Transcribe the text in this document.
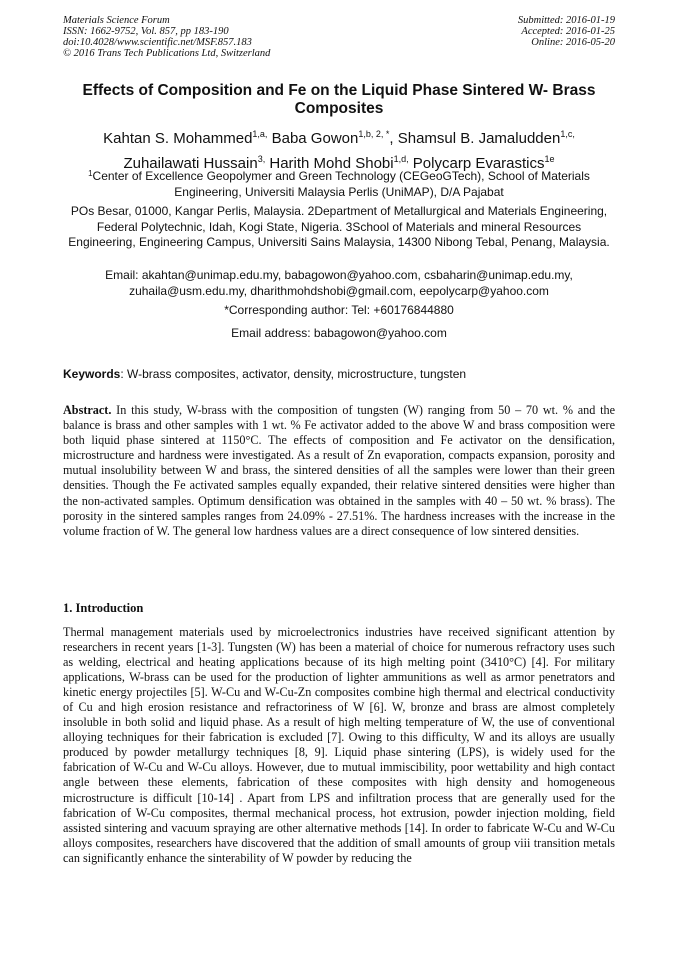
Materials Science Forum
ISSN: 1662-9752, Vol. 857, pp 183-190
doi:10.4028/www.scientific.net/MSF.857.183
© 2016 Trans Tech Publications Ltd, Switzerland
Submitted: 2016-01-19
Accepted: 2016-01-25
Online: 2016-05-20
Effects of Composition and Fe on the Liquid Phase Sintered W- Brass Composites
Kahtan S. Mohammed$^{1,a,}$ Baba Gowon$^{1,b, 2, *}$, Shamsul B. Jamaludden$^{1,c,}$
Zuhailawati Hussain$^{3,}$ Harith Mohd Shobi$^{1,d,}$ Polycarp Evarastics$^{1e}$
$^1$Center of Excellence Geopolymer and Green Technology (CEGeoGTech), School of Materials Engineering, Universiti Malaysia Perlis (UniMAP), D/A Pajabat
POs Besar, 01000, Kangar Perlis, Malaysia. 2Department of Metallurgical and Materials Engineering, Federal Polytechnic, Idah, Kogi State, Nigeria. 3School of Materials and mineral Resources Engineering, Engineering Campus, Universiti Sains Malaysia, 14300 Nibong Tebal, Penang, Malaysia.
Email: akahtan@unimap.edu.my, babagowon@yahoo.com, csbaharin@unimap.edu.my, zuhaila@usm.edu.my, dharithmohdshobi@gmail.com, eepolycarp@yahoo.com
*Corresponding author: Tel: +60176844880
Email address: babagowon@yahoo.com
Keywords: W-brass composites, activator, density, microstructure, tungsten
Abstract. In this study, W-brass with the composition of tungsten (W) ranging from 50 – 70 wt. % and the balance is brass and other samples with 1 wt. % Fe activator added to the above W and brass composition were both liquid phase sintered at 1150°C. The effects of composition and Fe activator on the densification, microstructure and hardness were investigated. As a result of Zn evaporation, compacts expansion, porosity and mutual insolubility between W and brass, the sintered densities of all the samples were lower than their green densities. Though the Fe activated samples equally expanded, their relative sintered densities were higher than the non-activated samples. Optimum densification was obtained in the samples with 40 – 50 wt. % brass). The porosity in the sintered samples ranges from 24.09% - 27.51%. The hardness increases with the increase in the volume fraction of W. The general low hardness values are a direct consequence of low sintered densities.
1. Introduction
Thermal management materials used by microelectronics industries have received significant attention by researchers in recent years [1-3]. Tungsten (W) has been a material of choice for numerous refractory uses such as welding, electrical and heating applications because of its high melting point (3410°C) [4]. For military applications, W-brass can be used for the production of lighter ammunitions as well as armor penetrators and kinetic energy projectiles [5]. W-Cu and W-Cu-Zn composites combine high thermal and electrical conductivity of Cu and high erosion resistance and refractoriness of W [6]. W, bronze and brass are almost completely insoluble in both solid and liquid phase. As a result of high melting temperature of W, the use of conventional alloying techniques for their fabrication is excluded [7]. Owing to this difficulty, W and its alloys are usually produced by powder metallurgy techniques [8, 9]. Liquid phase sintering (LPS), is widely used for the fabrication of W-Cu and W-Cu alloys. However, due to mutual immiscibility, poor wettability and high contact angle between these elements, fabrication of these composites with high density and homogeneous microstructure is difficult [10-14] . Apart from LPS and infiltration process that are generally used for the fabrication of W-Cu composites, thermal mechanical process, hot extrusion, powder injection molding, field assisted sintering and vacuum spraying are other alternative methods [14]. In order to fabricate W-Cu and W-Cu alloys composites, researchers have discovered that the addition of small amounts of group viii transition metals can significantly enhance the sinterability of W powder by reducing the
